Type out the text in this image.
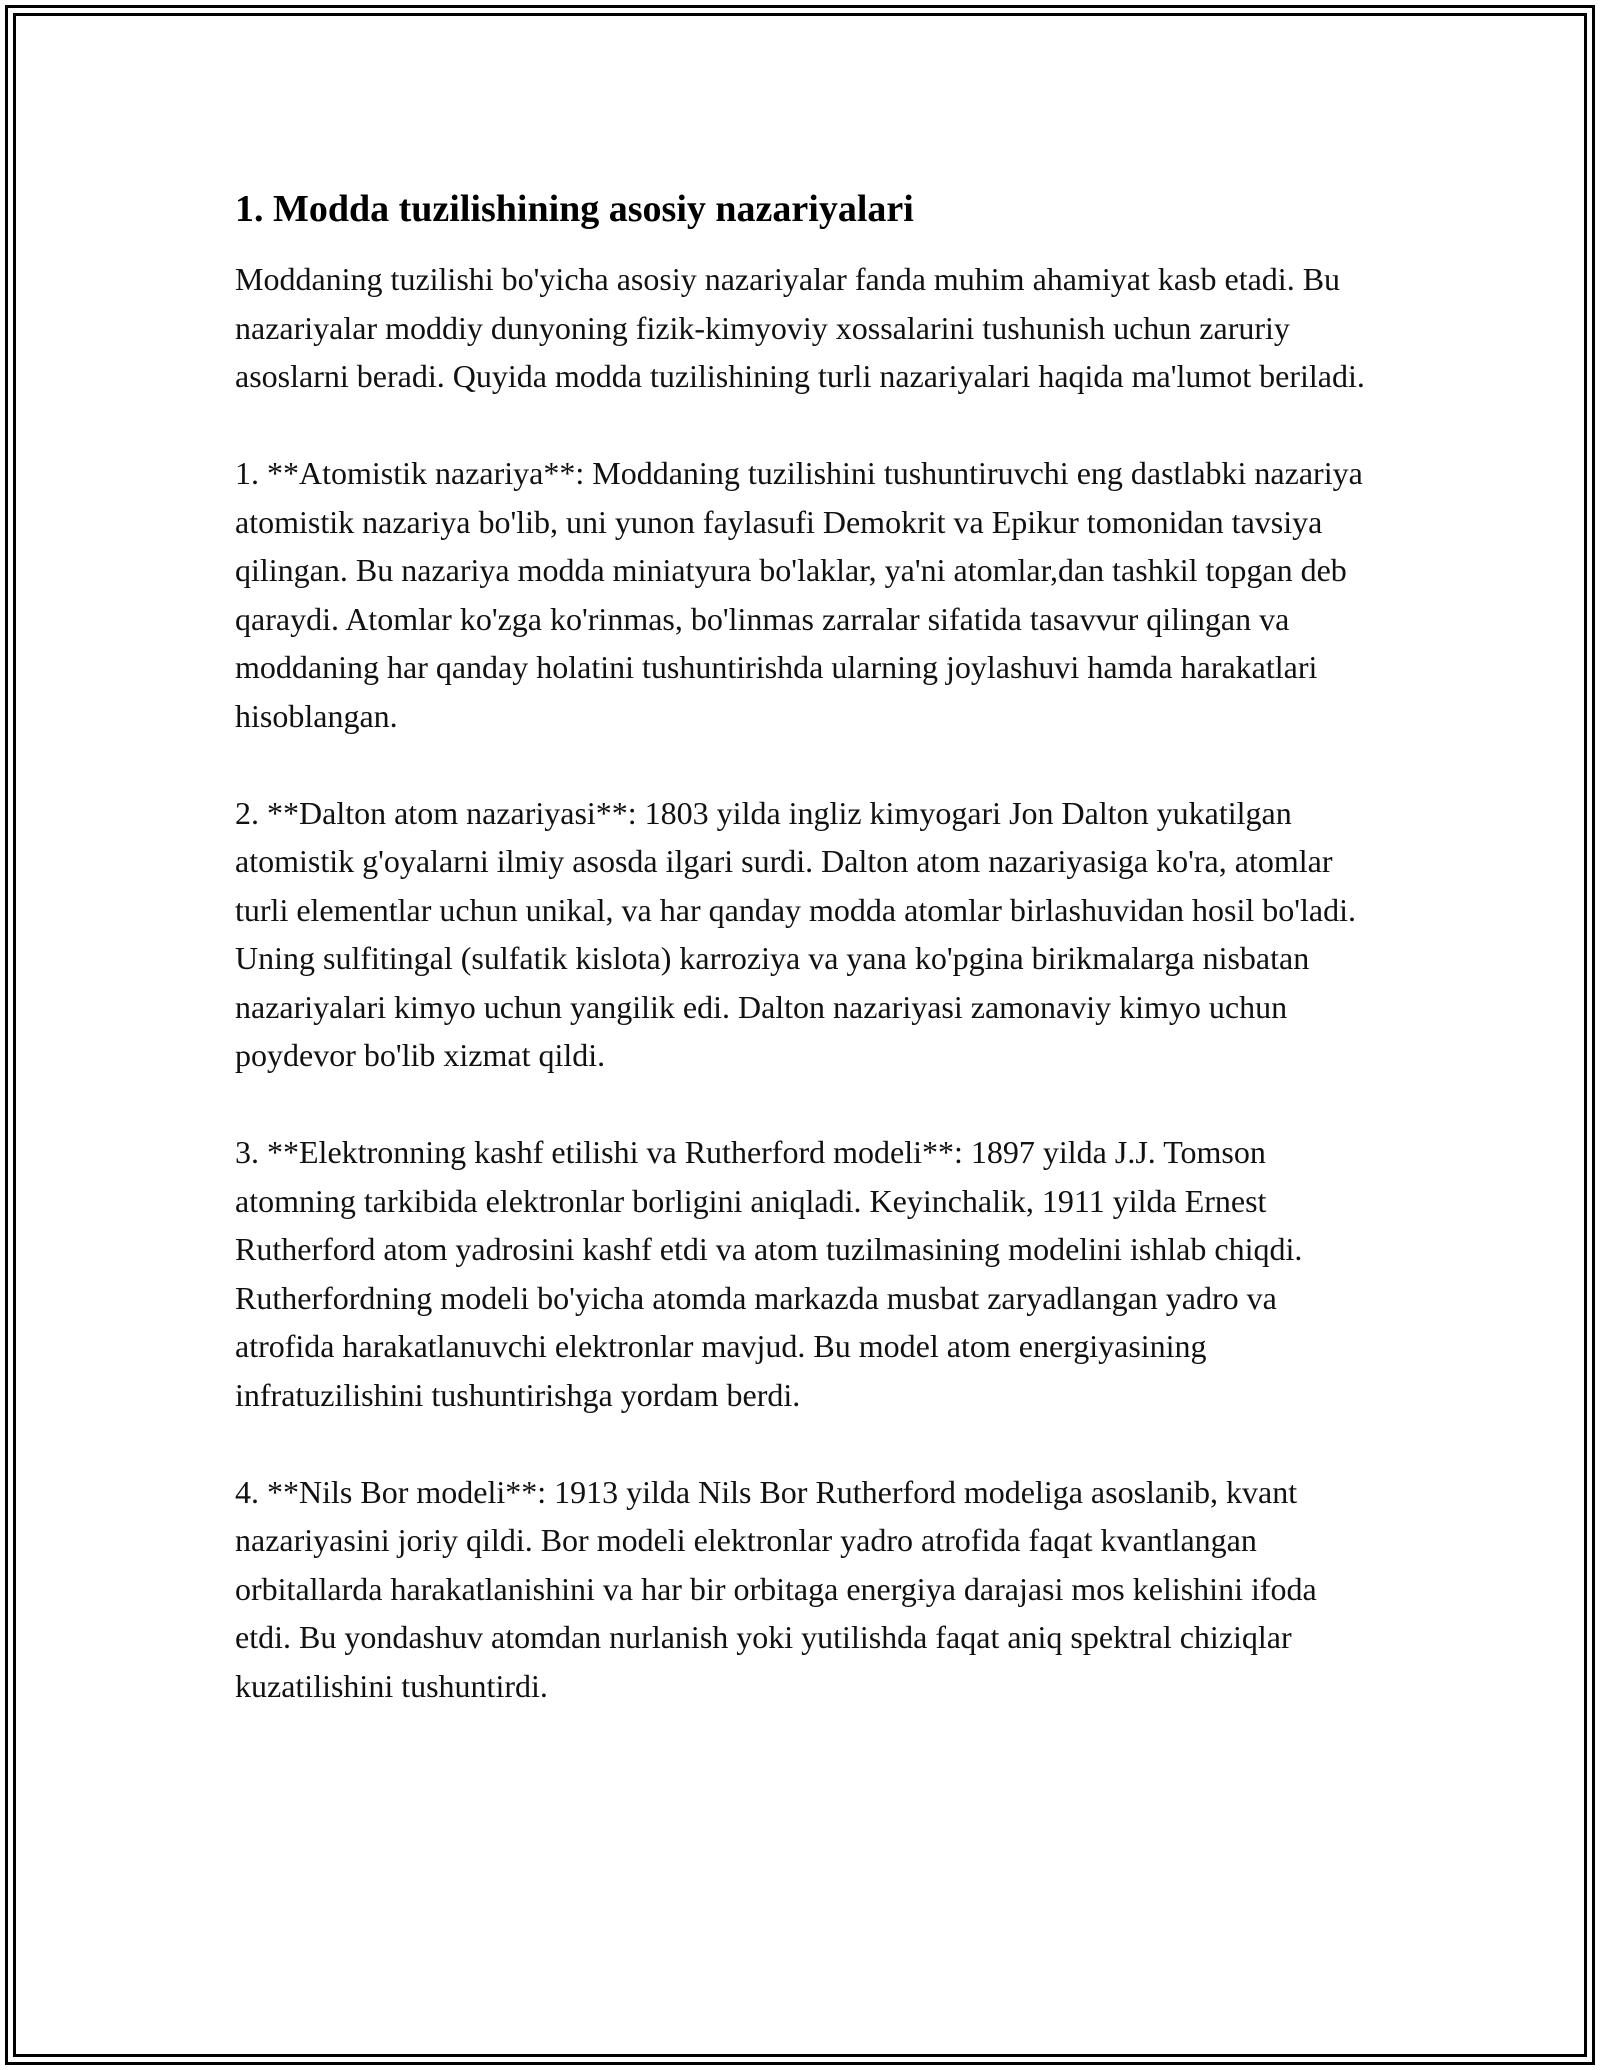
1. Modda tuzilishining asosiy nazariyalari

Moddaning tuzilishi bo'yicha asosiy nazariyalar fanda muhim ahamiyat kasb etadi. Bu nazariyalar moddiy dunyoning fizik-kimyoviy xossalarini tushunish uchun zaruriy asoslarni beradi. Quyida modda tuzilishining turli nazariyalari haqida ma'lumot beriladi.

1. **Atomistik nazariya**: Moddaning tuzilishini tushuntiruvchi eng dastlabki nazariya atomistik nazariya bo'lib, uni yunon faylasufi Demokrit va Epikur tomonidan tavsiya qilingan. Bu nazariya modda miniatyura bo'laklar, ya'ni atomlar,dan tashkil topgan deb qaraydi. Atomlar ko'zga ko'rinmas, bo'linmas zarralar sifatida tasavvur qilingan va moddaning har qanday holatini tushuntirishda ularning joylashuvi hamda harakatlari hisoblangan.

2. **Dalton atom nazariyasi**: 1803 yilda ingliz kimyogari Jon Dalton yukatilgan atomistik g'oyalarni ilmiy asosda ilgari surdi. Dalton atom nazariyasiga ko'ra, atomlar turli elementlar uchun unikal, va har qanday modda atomlar birlashuvidan hosil bo'ladi. Uning sulfitingal (sulfatik kislota) karroziya va yana ko'pgina birikmalarga nisbatan nazariyalari kimyo uchun yangilik edi. Dalton nazariyasi zamonaviy kimyo uchun poydevor bo'lib xizmat qildi.

3. **Elektronning kashf etilishi va Rutherford modeli**: 1897 yilda J.J. Tomson atomning tarkibida elektronlar borligini aniqladi. Keyinchalik, 1911 yilda Ernest Rutherford atom yadrosini kashf etdi va atom tuzilmasining modelini ishlab chiqdi. Rutherfordning modeli bo'yicha atomda markazda musbat zaryadlangan yadro va atrofida harakatlanuvchi elektronlar mavjud. Bu model atom energiyasining infratuzilishini tushuntirishga yordam berdi.

4. **Nils Bor modeli**: 1913 yilda Nils Bor Rutherford modeliga asoslanib, kvant nazariyasini joriy qildi. Bor modeli elektronlar yadro atrofida faqat kvantlangan orbitallarda harakatlanishini va har bir orbitaga energiya darajasi mos kelishini ifoda etdi. Bu yondashuv atomdan nurlanish yoki yutilishda faqat aniq spektral chiziqlar kuzatilishini tushuntirdi.
